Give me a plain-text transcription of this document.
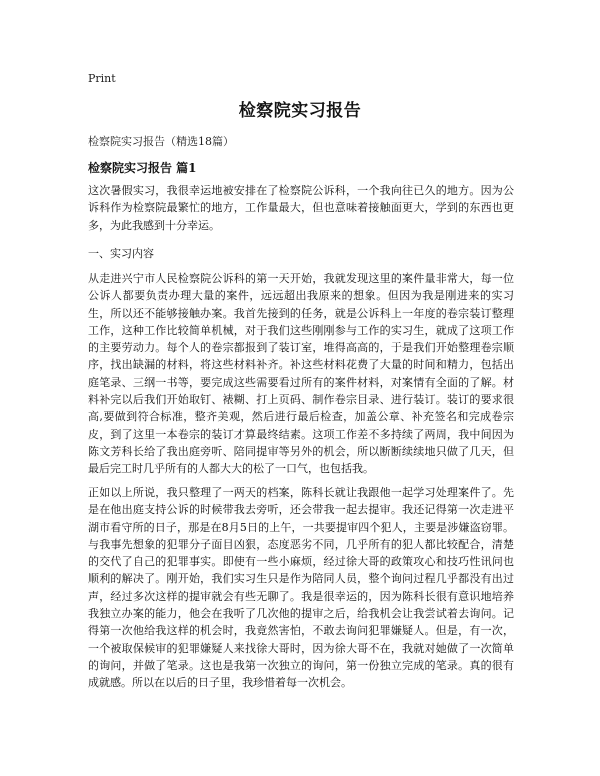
Print
检察院实习报告
检察院实习报告（精选18篇）
检察院实习报告 篇1

这次暑假实习，我很幸运地被安排在了检察院公诉科，一个我向往已久的地方。因为公诉科作为检察院最繁忙的地方，工作量最大，但也意味着接触面更大，学到的东西也更多，为此我感到十分幸运。

一、实习内容

从走进兴宁市人民检察院公诉科的第一天开始，我就发现这里的案件量非常大，每一位公诉人都要负责办理大量的案件，远远超出我原来的想象。但因为我是刚进来的实习生，所以还不能够接触办案。我首先接到的任务，就是公诉科上一年度的卷宗装订整理工作，这种工作比较简单机械，对于我们这些刚刚参与工作的实习生，就成了这项工作的主要劳动力。每个人的卷宗都报到了装订室，堆得高高的，于是我们开始整理卷宗顺序，找出缺漏的材料，将这些材料补齐。补这些材料花费了大量的时间和精力，包括出庭笔录、三纲一书等，要完成这些需要看过所有的案件材料，对案情有全面的了解。材料补完以后我们开始取钉、裱糊、打上页码、制作卷宗目录、进行装订。装订的要求很高,要做到符合标准，整齐美观，然后进行最后检查，加盖公章、补充签名和完成卷宗皮，到了这里一本卷宗的装订才算最终结素。这项工作差不多持续了两周，我中间因为陈文芳科长给了我出庭旁听、陪同提审等另外的机会，所以断断续续地只做了几天，但最后完工时几乎所有的人都大大的松了一口气，也包括我。

正如以上所说，我只整理了一两天的档案，陈科长就让我跟他一起学习处理案件了。先是在他出庭支持公诉的时候带我去旁听，还会带我一起去提审。我还记得第一次走进平湖市看守所的日子，那是在8月5日的上午，一共要提审四个犯人，主要是涉嫌盗窃罪。与我事先想象的犯罪分子面目凶狠，态度恶劣不同，几乎所有的犯人都比较配合，清楚的交代了自己的犯罪事实。即使有一些小麻烦，经过徐大哥的政策攻心和技巧性讯问也顺利的解决了。刚开始，我们实习生只是作为陪同人员，整个询问过程几乎都没有出过声，经过多次这样的提审就会有些无聊了。我是很幸运的，因为陈科长很有意识地培养我独立办案的能力，他会在我听了几次他的提审之后，给我机会让我尝试着去询问。记得第一次他给我这样的机会时，我竟然害怕，不敢去询问犯罪嫌疑人。但是，有一次，一个被取保候审的犯罪嫌疑人来找徐大哥时，因为徐大哥不在，我就对她做了一次简单的询问，并做了笔录。这也是我第一次独立的询问，第一份独立完成的笔录。真的很有成就感。所以在以后的日子里，我珍惜着每一次机会。
